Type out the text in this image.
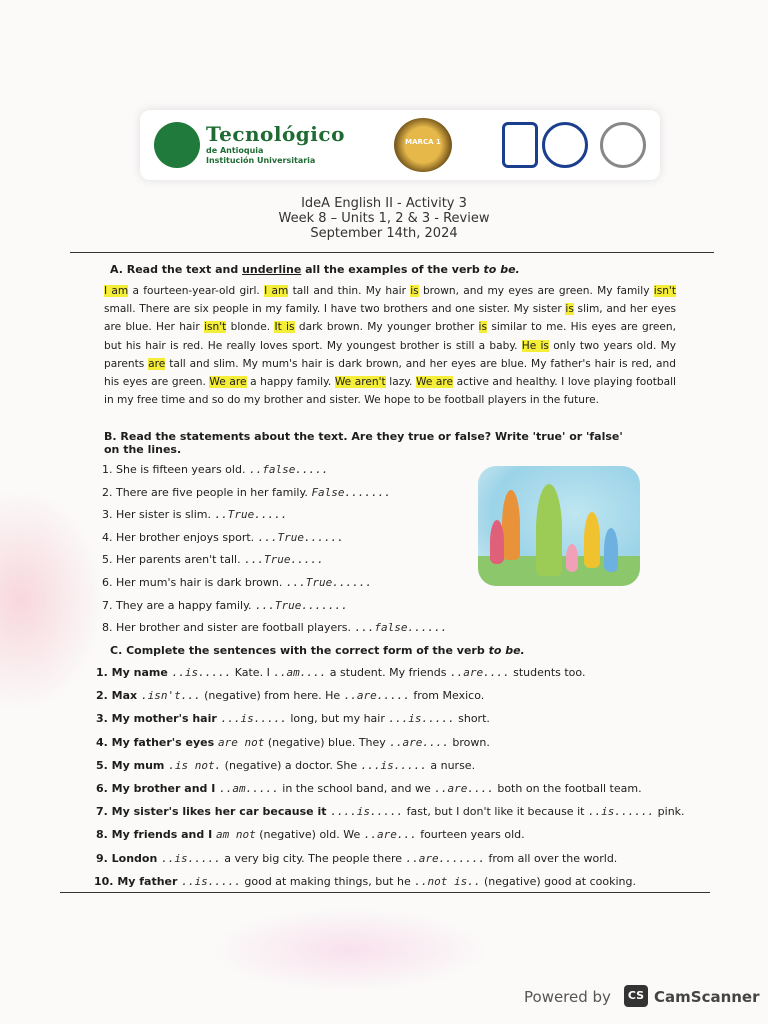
Tecnológico
de Antioquia
Institución Universitaria
MARCA 1
IdeA English II - Activity 3
Week 8 – Units 1, 2 & 3 - Review
September 14th, 2024
A. Read the text and underline all the examples of the verb to be.
I am a fourteen-year-old girl. I am tall and thin. My hair is brown, and my eyes are green. My family isn't small. There are six people in my family. I have two brothers and one sister. My sister is slim, and her eyes are blue. Her hair isn't blonde. It is dark brown. My younger brother is similar to me. His eyes are green, but his hair is red. He really loves sport. My youngest brother is still a baby. He is only two years old. My parents are tall and slim. My mum's hair is dark brown, and her eyes are blue. My father's hair is red, and his eyes are green. We are a happy family. We aren't lazy. We are active and healthy. I love playing football in my free time and so do my brother and sister. We hope to be football players in the future.
B. Read the statements about the text. Are they true or false? Write 'true' or 'false'
on the lines.
1. She is fifteen years old. ..false.....
2. There are five people in her family. False.......
3. Her sister is slim. ..True.....
4. Her brother enjoys sport. ...True......
5. Her parents aren't tall. ...True.....
6. Her mum's hair is dark brown. ...True......
7. They are a happy family. ...True.......
8. Her brother and sister are football players. ...false......
C. Complete the sentences with the correct form of the verb to be.
1. My name ..is..... Kate. I ..am.... a student. My friends ..are.... students too.
2. Max .isn't... (negative) from here. He ..are..... from Mexico.
3. My mother's hair ...is..... long, but my hair ...is..... short.
4. My father's eyes are not (negative) blue. They ..are.... brown.
5. My mum .is not. (negative) a doctor. She ...is..... a nurse.
6. My brother and I ..am..... in the school band, and we ..are.... both on the football team.
7. My sister's likes her car because it ....is..... fast, but I don't like it because it ..is...... pink.
8. My friends and I am not (negative) old. We ..are... fourteen years old.
9. London ..is..... a very big city. The people there ..are....... from all over the world.
10. My father ..is..... good at making things, but he ..not is.. (negative) good at cooking.
Powered by	CS CamScanner
